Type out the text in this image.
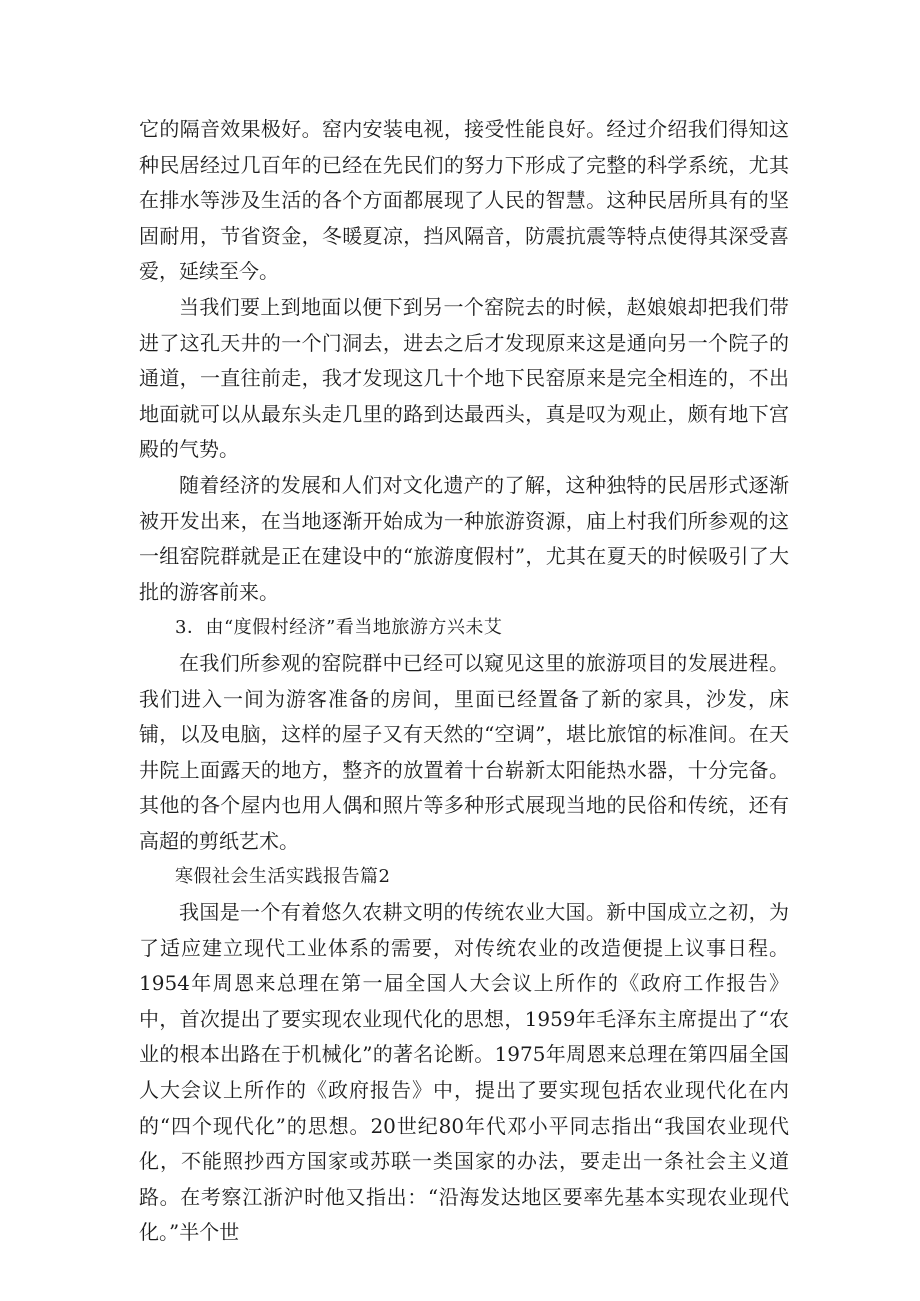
它的隔音效果极好。窑内安装电视，接受性能良好。经过介绍我们得知这种民居经过几百年的已经在先民们的努力下形成了完整的科学系统，尤其在排水等涉及生活的各个方面都展现了人民的智慧。这种民居所具有的坚固耐用，节省资金，冬暖夏凉，挡风隔音，防震抗震等特点使得其深受喜爱，延续至今。

当我们要上到地面以便下到另一个窑院去的时候，赵娘娘却把我们带进了这孔天井的一个门洞去，进去之后才发现原来这是通向另一个院子的通道，一直往前走，我才发现这几十个地下民窑原来是完全相连的，不出地面就可以从最东头走几里的路到达最西头，真是叹为观止，颇有地下宫殿的气势。

随着经济的发展和人们对文化遗产的了解，这种独特的民居形式逐渐被开发出来，在当地逐渐开始成为一种旅游资源，庙上村我们所参观的这一组窑院群就是正在建设中的“旅游度假村”，尤其在夏天的时候吸引了大批的游客前来。

3．由“度假村经济”看当地旅游方兴未艾

在我们所参观的窑院群中已经可以窥见这里的旅游项目的发展进程。我们进入一间为游客准备的房间，里面已经置备了新的家具，沙发，床铺，以及电脑，这样的屋子又有天然的“空调”，堪比旅馆的标准间。在天井院上面露天的地方，整齐的放置着十台崭新太阳能热水器，十分完备。其他的各个屋内也用人偶和照片等多种形式展现当地的民俗和传统，还有高超的剪纸艺术。

寒假社会生活实践报告篇2

我国是一个有着悠久农耕文明的传统农业大国。新中国成立之初，为了适应建立现代工业体系的需要，对传统农业的改造便提上议事日程。1954年周恩来总理在第一届全国人大会议上所作的《政府工作报告》中，首次提出了要实现农业现代化的思想，1959年毛泽东主席提出了“农业的根本出路在于机械化”的著名论断。1975年周恩来总理在第四届全国人大会议上所作的《政府报告》中，提出了要实现包括农业现代化在内的“四个现代化”的思想。20世纪80年代邓小平同志指出“我国农业现代化，不能照抄西方国家或苏联一类国家的办法，要走出一条社会主义道路。在考察江浙沪时他又指出：“沿海发达地区要率先基本实现农业现代化。”半个世
